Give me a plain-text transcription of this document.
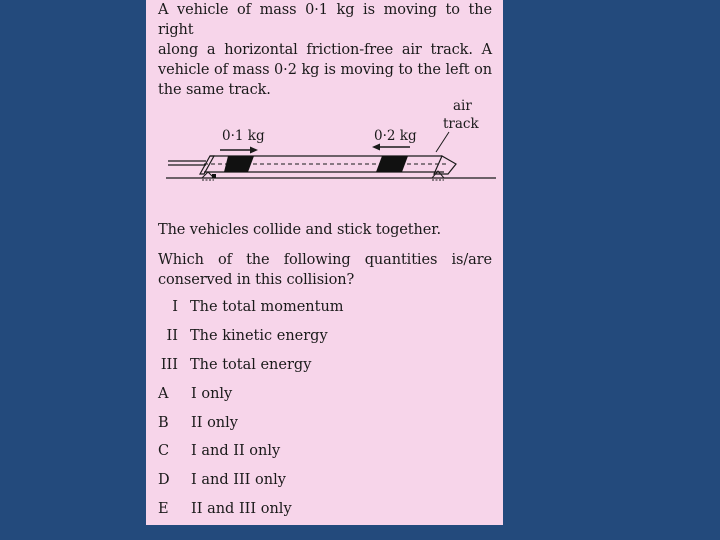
A vehicle of mass 0·1 kg is moving to the right
along a horizontal friction-free air track. A
vehicle of mass 0·2 kg is moving to the left on
the same track.
0·1 kg	0·2 kg
air
track
The vehicles collide and stick together.
Which of the following quantities is/are
conserved in this collision?
I The total momentum
II The kinetic energy
III The total energy
A I only
B II only
C I and II only
D I and III only
E II and III only
